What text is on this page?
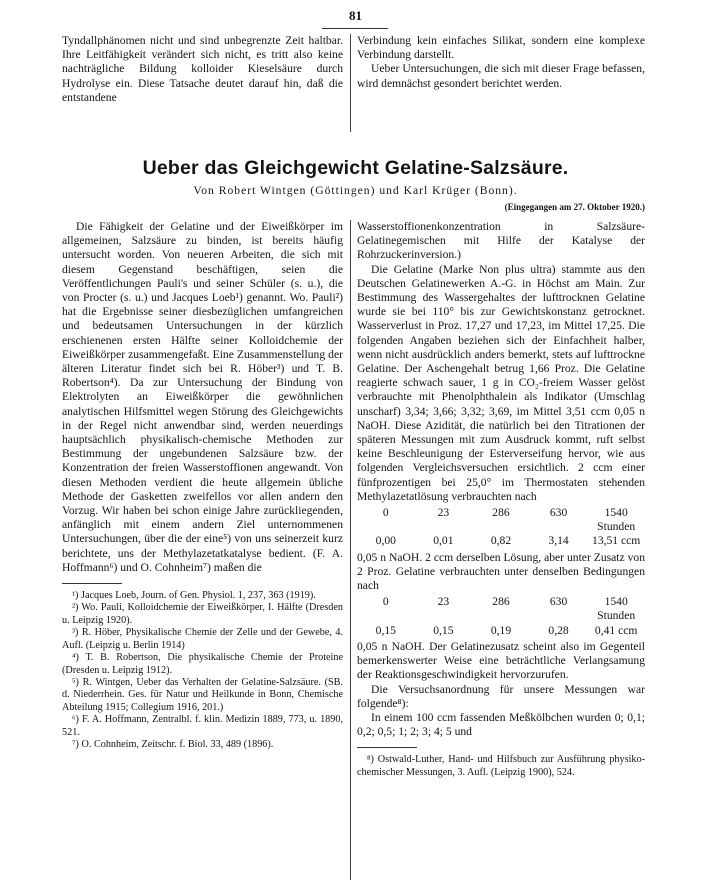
81

Tyndallphänomen nicht und sind unbegrenzte Zeit haltbar. Ihre Leitfähigkeit verändert sich nicht, es tritt also keine nachträgliche Bildung kolloider Kieselsäure durch Hydrolyse ein. Diese Tatsache deutet darauf hin, daß die entstandene

Verbindung kein einfaches Silikat, sondern eine komplexe Verbindung darstellt.

Ueber Untersuchungen, die sich mit dieser Frage befassen, wird demnächst gesondert berichtet werden.

Ueber das Gleichgewicht Gelatine-Salzsäure.
Von Robert Wintgen (Göttingen) und Karl Krüger (Bonn).
(Eingegangen am 27. Oktober 1920.)

Die Fähigkeit der Gelatine und der Eiweißkörper im allgemeinen, Salzsäure zu binden, ist bereits häufig untersucht worden. Von neueren Arbeiten, die sich mit diesem Gegenstand beschäftigen, seien die Veröffentlichungen Pauli's und seiner Schüler (s. u.), die von Procter (s. u.) und Jacques Loeb¹) genannt. Wo. Pauli²) hat die Ergebnisse seiner diesbezüglichen umfangreichen und bedeutsamen Untersuchungen in der kürzlich erschienenen ersten Hälfte seiner Kolloidchemie der Eiweißkörper zusammengefaßt. Eine Zusammenstellung der älteren Literatur findet sich bei R. Höber³) und T. B. Robertson⁴). Da zur Untersuchung der Bindung von Elektrolyten an Eiweißkörper die gewöhnlichen analytischen Hilfsmittel wegen Störung des Gleichgewichts in der Regel nicht anwendbar sind, werden neuerdings hauptsächlich physikalisch-chemische Methoden zur Bestimmung der ungebundenen Salzsäure bzw. der Konzentration der freien Wasserstoffionen angewandt. Von diesen Methoden verdient die heute allgemein übliche Methode der Gasketten zweifellos vor allen andern den Vorzug. Wir haben bei schon einige Jahre zurückliegenden, anfänglich mit einem andern Ziel unternommenen Untersuchungen, über die der eine⁵) von uns seinerzeit kurz berichtete, uns der Methylazetatkatalyse bedient. (F. A. Hoffmann⁶) und O. Cohnheim⁷) maßen die

¹) Jacques Loeb, Journ. of Gen. Physiol. 1, 237, 363 (1919).

²) Wo. Pauli, Kolloidchemie der Eiweißkörper, I. Hälfte (Dresden u. Leipzig 1920).

³) R. Höber, Physikalische Chemie der Zelle und der Gewebe, 4. Aufl. (Leipzig u. Berlin 1914)

⁴) T. B. Robertson, Die physikalische Chemie der Proteine (Dresden u. Leipzig 1912).

⁵) R. Wintgen, Ueber das Verhalten der Gelatine-Salzsäure. (SB. d. Niederrhein. Ges. für Natur und Heilkunde in Bonn, Chemische Abteilung 1915; Collegium 1916, 201.)

⁶) F. A. Hoffmann, Zentralbl. f. klin. Medizin 1889, 773, u. 1890, 521.

⁷) O. Cohnheim, Zeitschr. f. Biol. 33, 489 (1896).

Wasserstoffionenkonzentration in Salzsäure-Gelatinegemischen mit Hilfe der Katalyse der Rohrzuckerinversion.)

Die Gelatine (Marke Non plus ultra) stammte aus den Deutschen Gelatinewerken A.-G. in Höchst am Main. Zur Bestimmung des Wassergehaltes der lufttrocknen Gelatine wurde sie bei 110° bis zur Gewichtskonstanz getrocknet. Wasserverlust in Proz. 17,27 und 17,23, im Mittel 17,25. Die folgenden Angaben beziehen sich der Einfachheit halber, wenn nicht ausdrücklich anders bemerkt, stets auf lufttrockne Gelatine. Der Aschengehalt betrug 1,66 Proz. Die Gelatine reagierte schwach sauer, 1 g in CO₂-freiem Wasser gelöst verbrauchte mit Phenolphthalein als Indikator (Umschlag unscharf) 3,34; 3,66; 3,32; 3,69, im Mittel 3,51 ccm 0,05 n NaOH. Diese Azidität, die natürlich bei den Titrationen der späteren Messungen mit zum Ausdruck kommt, ruft selbst keine Beschleunigung der Esterverseifung hervor, wie aus folgenden Vergleichsversuchen ersichtlich. 2 ccm einer fünfprozentigen bei 25,0° im Thermostaten stehenden Methylazetatlösung verbrauchten nach

0	23	286	630	1540 Stunden
0,00	0,01	0,82	3,14	13,51 ccm

0,05 n NaOH. 2 ccm derselben Lösung, aber unter Zusatz von 2 Proz. Gelatine verbrauchten unter denselben Bedingungen nach

0	23	286	630	1540 Stunden
0,15	0,15	0,19	0,28	0,41 ccm

0,05 n NaOH. Der Gelatinezusatz scheint also im Gegenteil bemerkenswerter Weise eine beträchtliche Verlangsamung der Reaktionsgeschwindigkeit hervorzurufen.

Die Versuchsanordnung für unsere Messungen war folgende⁸):

In einem 100 ccm fassenden Meßkölbchen wurden 0; 0,1; 0,2; 0,5; 1; 2; 3; 4; 5 und

⁸) Ostwald-Luther, Hand- und Hilfsbuch zur Ausführung physiko-chemischer Messungen, 3. Aufl. (Leipzig 1900), 524.
